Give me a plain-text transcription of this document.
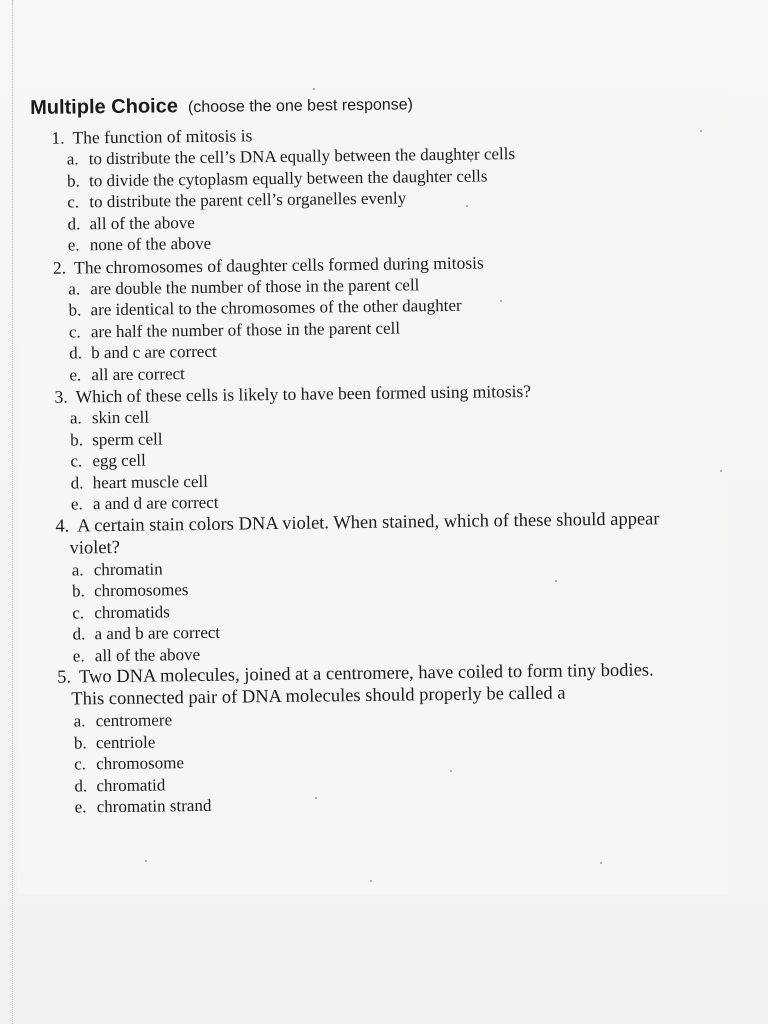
Multiple Choice (choose the one best response)
1. The function of mitosis is
a. to distribute the cell’s DNA equally between the daughter cells
b. to divide the cytoplasm equally between the daughter cells
c. to distribute the parent cell’s organelles evenly
d. all of the above
e. none of the above
2. The chromosomes of daughter cells formed during mitosis
a. are double the number of those in the parent cell
b. are identical to the chromosomes of the other daughter
c. are half the number of those in the parent cell
d. b and c are correct
e. all are correct
3. Which of these cells is likely to have been formed using mitosis?
a. skin cell
b. sperm cell
c. egg cell
d. heart muscle cell
e. a and d are correct
4. A certain stain colors DNA violet. When stained, which of these should appear
violet?
a. chromatin
b. chromosomes
c. chromatids
d. a and b are correct
e. all of the above
5. Two DNA molecules, joined at a centromere, have coiled to form tiny bodies.
This connected pair of DNA molecules should properly be called a
a. centromere
b. centriole
c. chromosome
d. chromatid
e. chromatin strand
